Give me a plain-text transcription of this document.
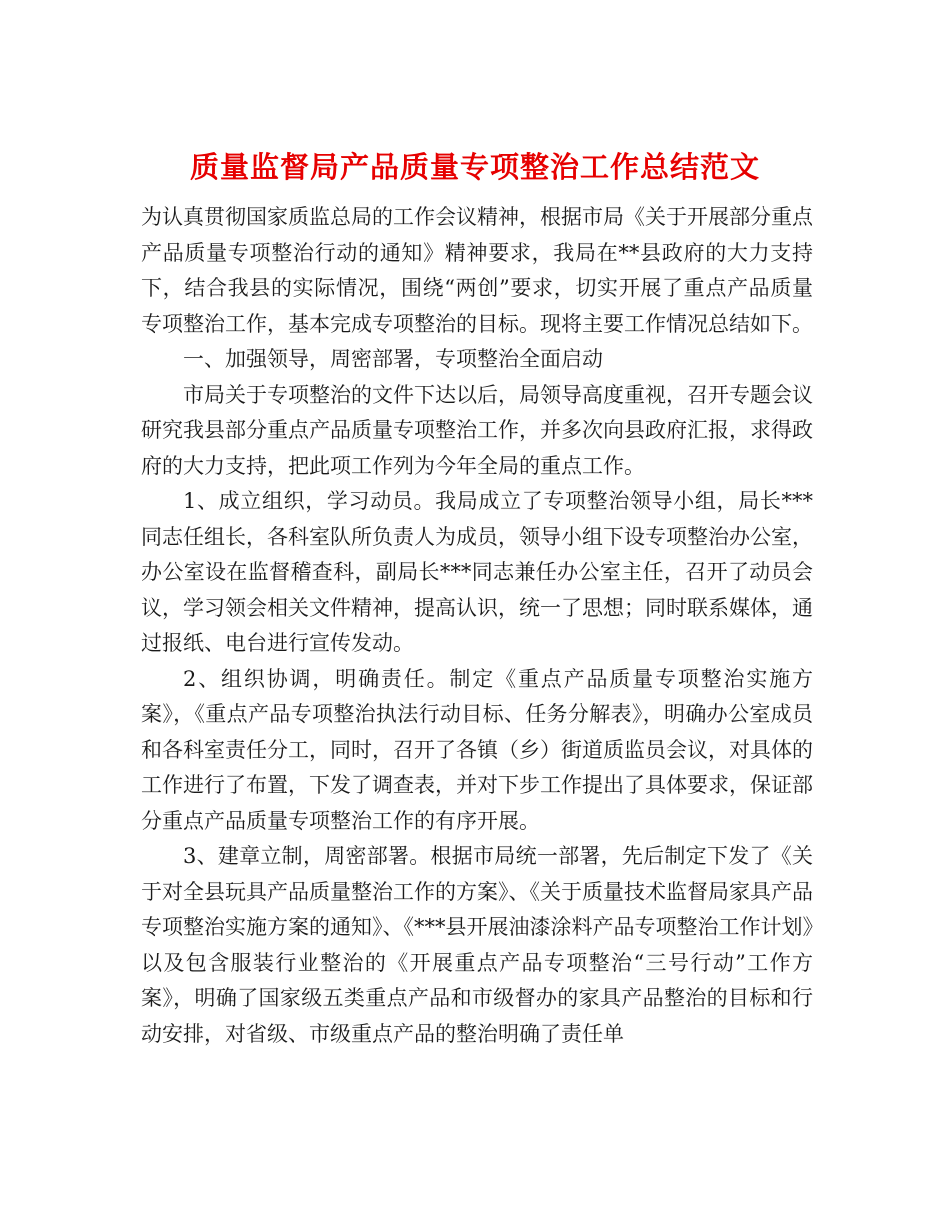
质量监督局产品质量专项整治工作总结范文

为认真贯彻国家质监总局的工作会议精神，根据市局《关于开展部分重点产品质量专项整治行动的通知》精神要求，我局在**县政府的大力支持下，结合我县的实际情况，围绕“两创”要求，切实开展了重点产品质量专项整治工作，基本完成专项整治的目标。现将主要工作情况总结如下。

一、加强领导，周密部署，专项整治全面启动

市局关于专项整治的文件下达以后，局领导高度重视，召开专题会议研究我县部分重点产品质量专项整治工作，并多次向县政府汇报，求得政府的大力支持，把此项工作列为今年全局的重点工作。

1、成立组织，学习动员。我局成立了专项整治领导小组，局长***同志任组长，各科室队所负责人为成员，领导小组下设专项整治办公室，办公室设在监督稽查科，副局长***同志兼任办公室主任，召开了动员会议，学习领会相关文件精神，提高认识，统一了思想；同时联系媒体，通过报纸、电台进行宣传发动。

2、组织协调，明确责任。制定《重点产品质量专项整治实施方案》，《重点产品专项整治执法行动目标、任务分解表》，明确办公室成员和各科室责任分工，同时，召开了各镇（乡）街道质监员会议，对具体的工作进行了布置，下发了调查表，并对下步工作提出了具体要求，保证部分重点产品质量专项整治工作的有序开展。

3、建章立制，周密部署。根据市局统一部署，先后制定下发了《关于对全县玩具产品质量整治工作的方案》、《关于质量技术监督局家具产品专项整治实施方案的通知》、《***县开展油漆涂料产品专项整治工作计划》以及包含服装行业整治的《开展重点产品专项整治“三号行动”工作方案》，明确了国家级五类重点产品和市级督办的家具产品整治的目标和行动安排，对省级、市级重点产品的整治明确了责任单
